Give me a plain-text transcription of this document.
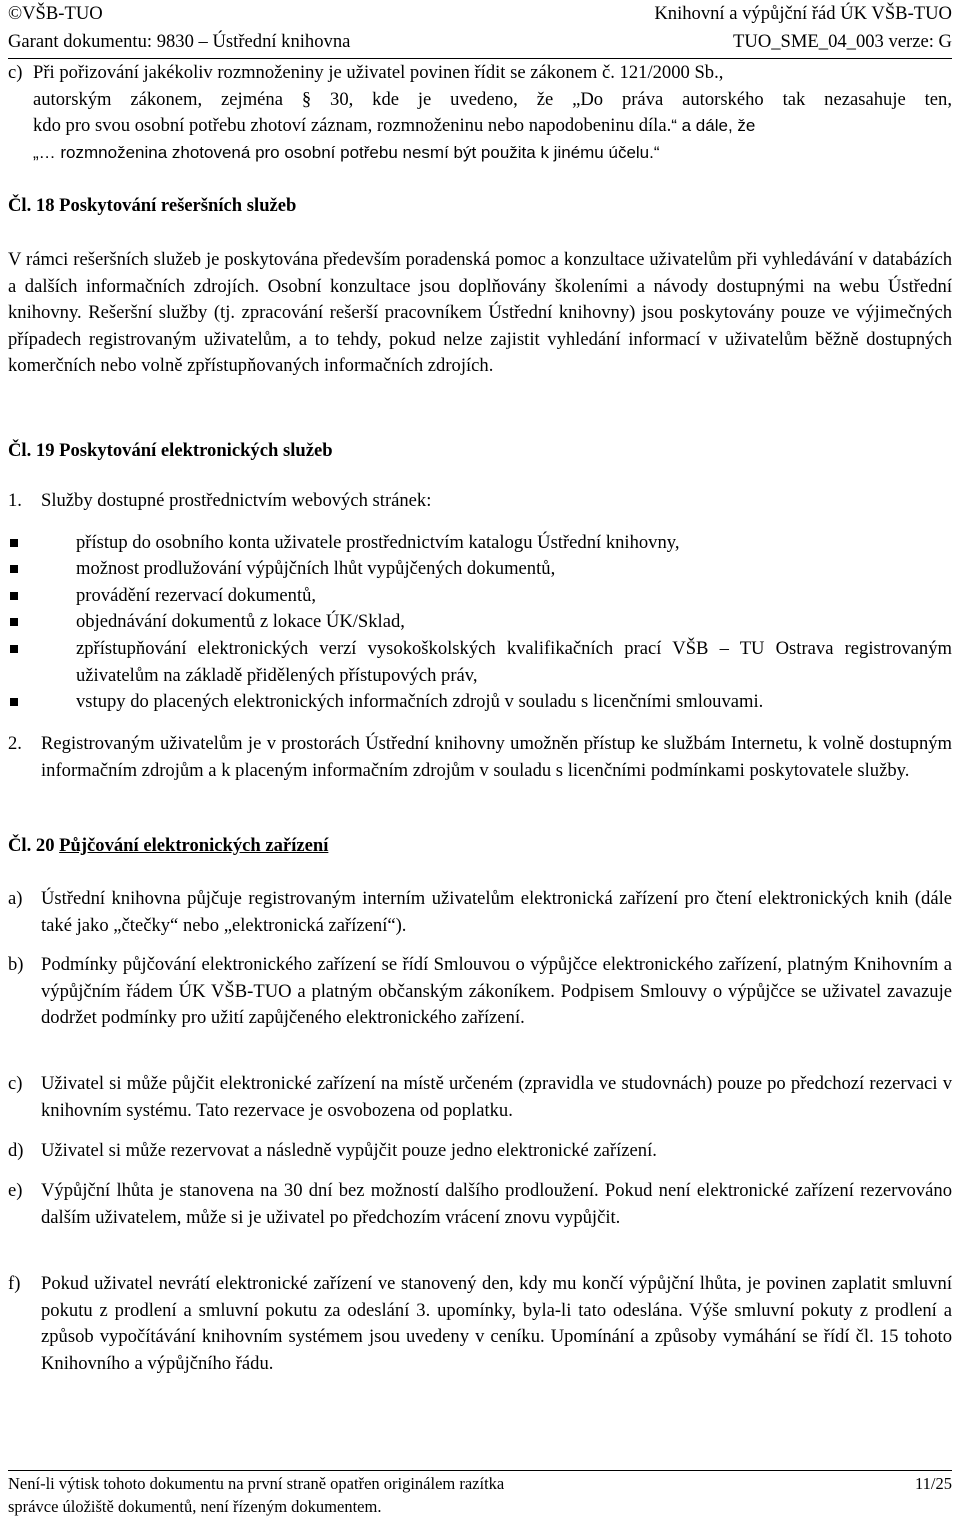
©VŠB-TUO	Knihovní a výpůjční řád ÚK VŠB-TUO
Garant dokumentu: 9830 – Ústřední knihovna	TUO_SME_04_003 verze: G
c) Při pořizování jakékoliv rozmnoženiny je uživatel povinen řídit se zákonem č. 121/2000 Sb.,
autorským zákonem, zejména § 30, kde je uvedeno, že „Do práva autorského tak nezasahuje ten,
kdo pro svou osobní potřebu zhotoví záznam, rozmnoženinu nebo napodobeninu díla.“ a dále, že
„… rozmnoženina zhotovená pro osobní potřebu nesmí být použita k jinému účelu.“
Čl. 18 Poskytování rešeršních služeb
V rámci rešeršních služeb je poskytována především poradenská pomoc a konzultace uživatelům při vyhledávání v databázích a dalších informačních zdrojích. Osobní konzultace jsou doplňovány školeními a návody dostupnými na webu Ústřední knihovny. Rešeršní služby (tj. zpracování rešerší pracovníkem Ústřední knihovny) jsou poskytovány pouze ve výjimečných případech registrovaným uživatelům, a to tehdy, pokud nelze zajistit vyhledání informací v uživatelům běžně dostupných komerčních nebo volně zpřístupňovaných informačních zdrojích.
Čl. 19 Poskytování elektronických služeb
1. Služby dostupné prostřednictvím webových stránek:
přístup do osobního konta uživatele prostřednictvím katalogu Ústřední knihovny,
možnost prodlužování výpůjčních lhůt vypůjčených dokumentů,
provádění rezervací dokumentů,
objednávání dokumentů z lokace ÚK/Sklad,
zpřístupňování elektronických verzí vysokoškolských kvalifikačních prací VŠB – TU Ostrava registrovaným uživatelům na základě přidělených přístupových práv,
vstupy do placených elektronických informačních zdrojů v souladu s licenčními smlouvami.
2. Registrovaným uživatelům je v prostorách Ústřední knihovny umožněn přístup ke službám Internetu, k volně dostupným informačním zdrojům a k placeným informačním zdrojům v souladu s licenčními podmínkami poskytovatele služby.
Čl. 20 Půjčování elektronických zařízení
a) Ústřední knihovna půjčuje registrovaným interním uživatelům elektronická zařízení pro čtení elektronických knih (dále také jako „čtečky“ nebo „elektronická zařízení“).
b) Podmínky půjčování elektronického zařízení se řídí Smlouvou o výpůjčce elektronického zařízení, platným Knihovním a výpůjčním řádem ÚK VŠB-TUO a platným občanským zákoníkem. Podpisem Smlouvy o výpůjčce se uživatel zavazuje dodržet podmínky pro užití zapůjčeného elektronického zařízení.
c) Uživatel si může půjčit elektronické zařízení na místě určeném (zpravidla ve studovnách) pouze po předchozí rezervaci v knihovním systému. Tato rezervace je osvobozena od poplatku.
d) Uživatel si může rezervovat a následně vypůjčit pouze jedno elektronické zařízení.
e) Výpůjční lhůta je stanovena na 30 dní bez možností dalšího prodloužení. Pokud není elektronické zařízení rezervováno dalším uživatelem, může si je uživatel po předchozím vrácení znovu vypůjčit.
f) Pokud uživatel nevrátí elektronické zařízení ve stanovený den, kdy mu končí výpůjční lhůta, je povinen zaplatit smluvní pokutu z prodlení a smluvní pokutu za odeslání 3. upomínky, byla-li tato odeslána. Výše smluvní pokuty z prodlení a způsob vypočítávání knihovním systémem jsou uvedeny v ceníku. Upomínání a způsoby vymáhání se řídí čl. 15 tohoto Knihovního a výpůjčního řádu.
Není-li výtisk tohoto dokumentu na první straně opatřen originálem razítka	11/25
správce úložiště dokumentů, není řízeným dokumentem.
